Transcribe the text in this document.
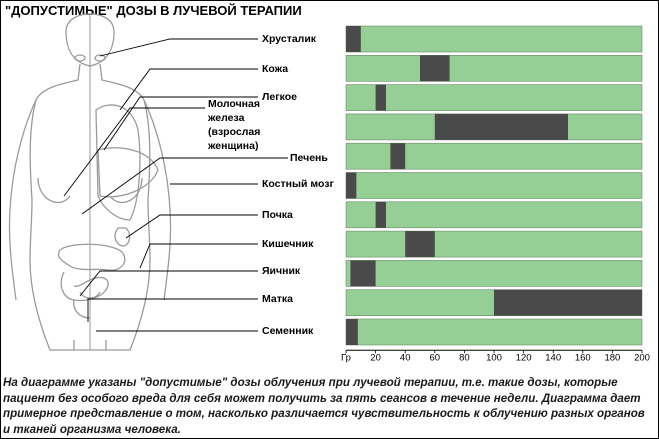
"ДОПУСТИМЫЕ" ДОЗЫ В ЛУЧЕВОЙ ТЕРАПИИ
Хрусталик
Кожа
Легкое
Молочная железа (взрослая женщина)
Печень
Костный мозг
Почка
Кишечник
Яичник
Матка
Семенник
20 40 60 80 100 120 140 160 180 200
Гр
На диаграмме указаны "допустимые" дозы облучения при лучевой терапии, т.е. такие дозы, которые пациент без особого вреда для себя может получить за пять сеансов в течение недели. Диаграмма дает примерное представление о том, насколько различается чувствительность к облучению разных органов и тканей организма человека.
